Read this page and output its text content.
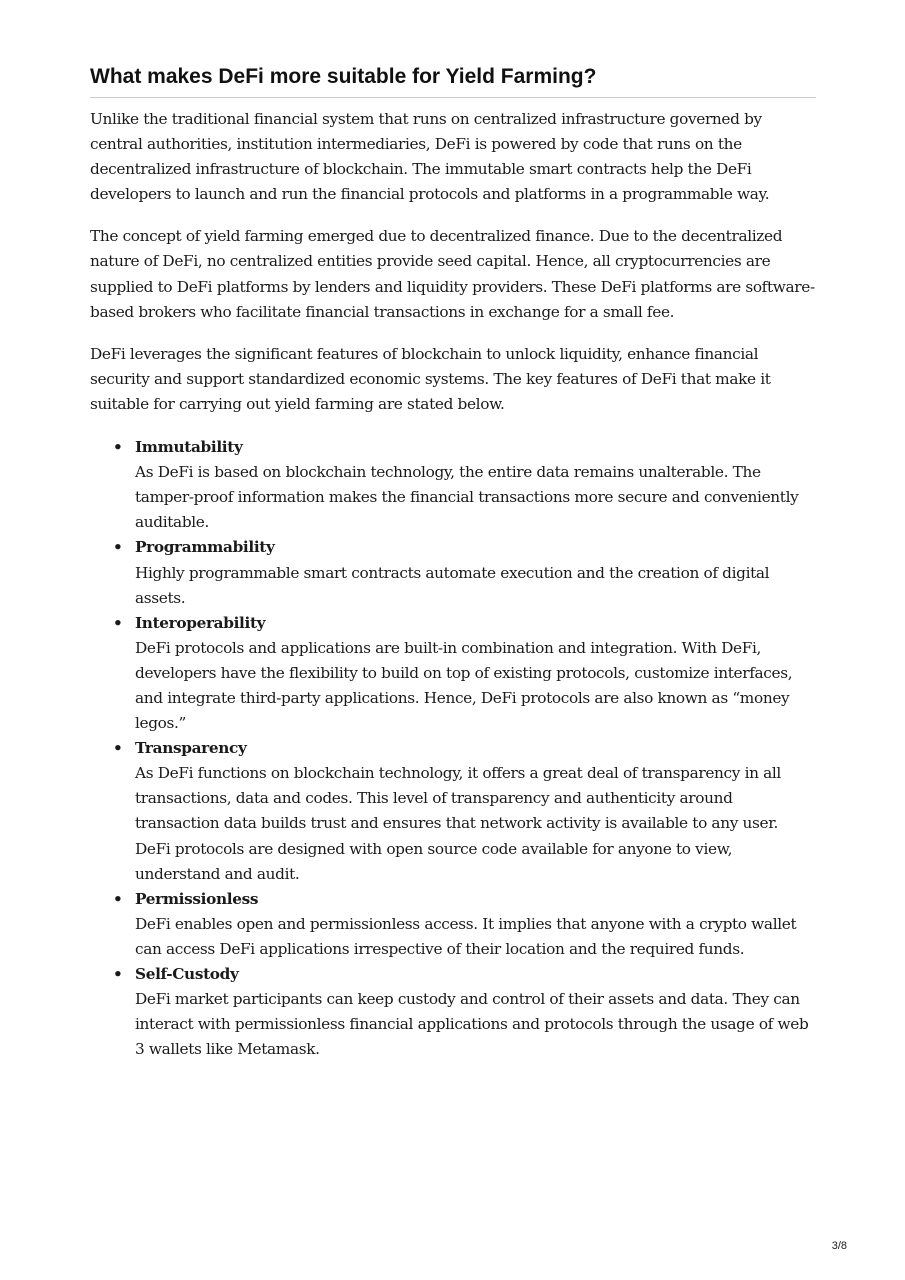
What makes DeFi more suitable for Yield Farming?

Unlike the traditional financial system that runs on centralized infrastructure governed by central authorities, institution intermediaries, DeFi is powered by code that runs on the decentralized infrastructure of blockchain. The immutable smart contracts help the DeFi developers to launch and run the financial protocols and platforms in a programmable way.

The concept of yield farming emerged due to decentralized finance. Due to the decentralized nature of DeFi, no centralized entities provide seed capital. Hence, all cryptocurrencies are supplied to DeFi platforms by lenders and liquidity providers. These DeFi platforms are software-based brokers who facilitate financial transactions in exchange for a small fee.

DeFi leverages the significant features of blockchain to unlock liquidity, enhance financial security and support standardized economic systems. The key features of DeFi that make it suitable for carrying out yield farming are stated below.

• Immutability
As DeFi is based on blockchain technology, the entire data remains unalterable. The tamper-proof information makes the financial transactions more secure and conveniently auditable.
• Programmability
Highly programmable smart contracts automate execution and the creation of digital assets.
• Interoperability
DeFi protocols and applications are built-in combination and integration. With DeFi, developers have the flexibility to build on top of existing protocols, customize interfaces, and integrate third-party applications. Hence, DeFi protocols are also known as “money legos.”
• Transparency
As DeFi functions on blockchain technology, it offers a great deal of transparency in all transactions, data and codes. This level of transparency and authenticity around transaction data builds trust and ensures that network activity is available to any user. DeFi protocols are designed with open source code available for anyone to view, understand and audit.
• Permissionless
DeFi enables open and permissionless access. It implies that anyone with a crypto wallet can access DeFi applications irrespective of their location and the required funds.
• Self-Custody
DeFi market participants can keep custody and control of their assets and data. They can interact with permissionless financial applications and protocols through the usage of web 3 wallets like Metamask.
3/8
